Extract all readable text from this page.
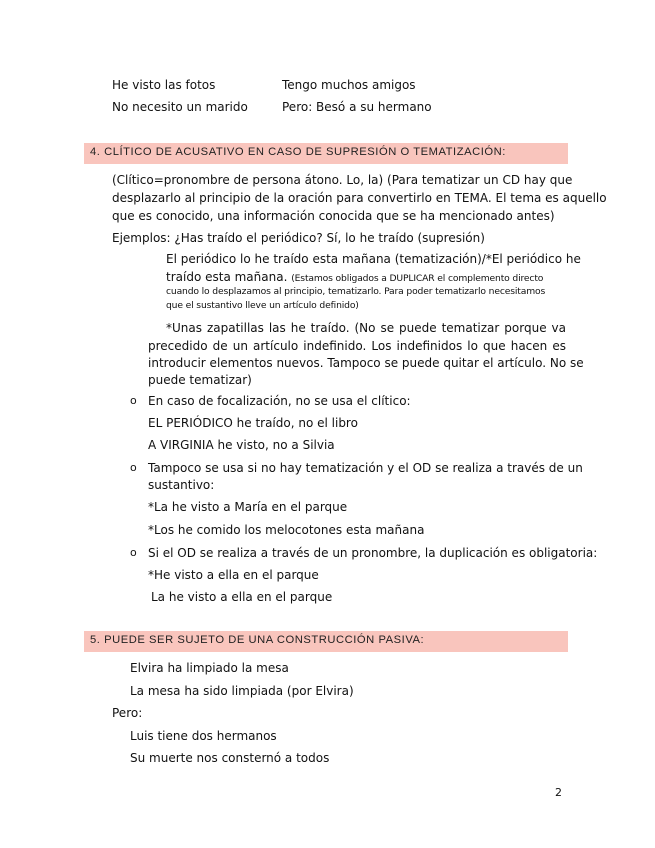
He visto las fotos
No necesito un marido
Tengo muchos amigos
Pero: Besó a su hermano
4. CLÍTICO DE ACUSATIVO EN CASO DE SUPRESIÓN O TEMATIZACIÓN:
(Clítico=pronombre de persona átono. Lo, la) (Para tematizar un CD hay que
desplazarlo al principio de la oración para convertirlo en TEMA. El tema es aquello
que es conocido, una información conocida que se ha mencionado antes)
Ejemplos: ¿Has traído el periódico? Sí, lo he traído (supresión)
El periódico lo he traído esta mañana (tematización)/*El periódico he
traído esta mañana. (Estamos obligados a DUPLICAR el complemento directo
cuando lo desplazamos al principio, tematizarlo. Para poder tematizarlo necesitamos
que el sustantivo lleve un artículo definido)
*Unas zapatillas las he traído. (No se puede tematizar porque va
precedido de un artículo indefinido. Los indefinidos lo que hacen es
introducir elementos nuevos. Tampoco se puede quitar el artículo. No se
puede tematizar)
o En caso de focalización, no se usa el clítico:
EL PERIÓDICO he traído, no el libro
A VIRGINIA he visto, no a Silvia
o Tampoco se usa si no hay tematización y el OD se realiza a través de un
sustantivo:
*La he visto a María en el parque
*Los he comido los melocotones esta mañana
o Si el OD se realiza a través de un pronombre, la duplicación es obligatoria:
*He visto a ella en el parque
La he visto a ella en el parque
5. PUEDE SER SUJETO DE UNA CONSTRUCCIÓN PASIVA:
Elvira ha limpiado la mesa
La mesa ha sido limpiada (por Elvira)
Pero:
Luis tiene dos hermanos
Su muerte nos consternó a todos
2
